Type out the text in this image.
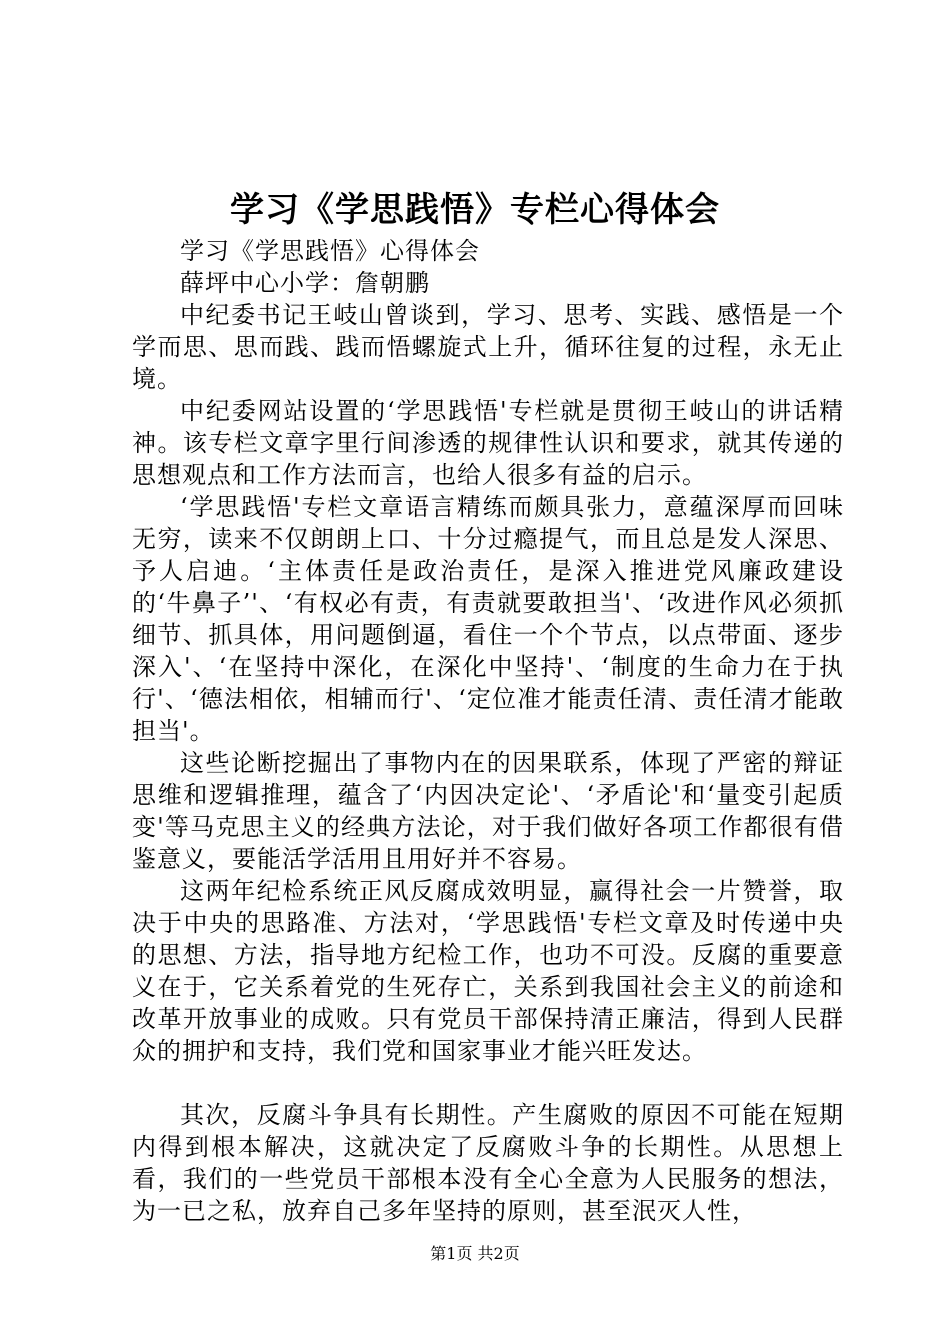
学习《学思践悟》专栏心得体会

学习《学思践悟》心得体会

薛坪中心小学：詹朝鹏

中纪委书记王岐山曾谈到，学习、思考、实践、感悟是一个学而思、思而践、践而悟螺旋式上升，循环往复的过程，永无止境。

中纪委网站设置的‘学思践悟'专栏就是贯彻王岐山的讲话精神。该专栏文章字里行间渗透的规律性认识和要求，就其传递的思想观点和工作方法而言，也给人很多有益的启示。

‘学思践悟'专栏文章语言精练而颇具张力，意蕴深厚而回味无穷，读来不仅朗朗上口、十分过瘾提气，而且总是发人深思、予人启迪。‘主体责任是政治责任，是深入推进党风廉政建设的‘牛鼻子’'、‘有权必有责，有责就要敢担当'、‘改进作风必须抓细节、抓具体，用问题倒逼，看住一个个节点，以点带面、逐步深入'、‘在坚持中深化，在深化中坚持'、‘制度的生命力在于执行'、‘德法相依，相辅而行'、‘定位准才能责任清、责任清才能敢担当'。

这些论断挖掘出了事物内在的因果联系，体现了严密的辩证思维和逻辑推理，蕴含了‘内因决定论'、‘矛盾论'和‘量变引起质变'等马克思主义的经典方法论，对于我们做好各项工作都很有借鉴意义，要能活学活用且用好并不容易。

这两年纪检系统正风反腐成效明显，赢得社会一片赞誉，取决于中央的思路准、方法对，‘学思践悟'专栏文章及时传递中央的思想、方法，指导地方纪检工作，也功不可没。反腐的重要意义在于，它关系着党的生死存亡，关系到我国社会主义的前途和改革开放事业的成败。只有党员干部保持清正廉洁，得到人民群众的拥护和支持，我们党和国家事业才能兴旺发达。

其次，反腐斗争具有长期性。产生腐败的原因不可能在短期内得到根本解决，这就决定了反腐败斗争的长期性。从思想上看，我们的一些党员干部根本没有全心全意为人民服务的想法，为一已之私，放弃自己多年坚持的原则，甚至泯灭人性，

第1页 共2页
